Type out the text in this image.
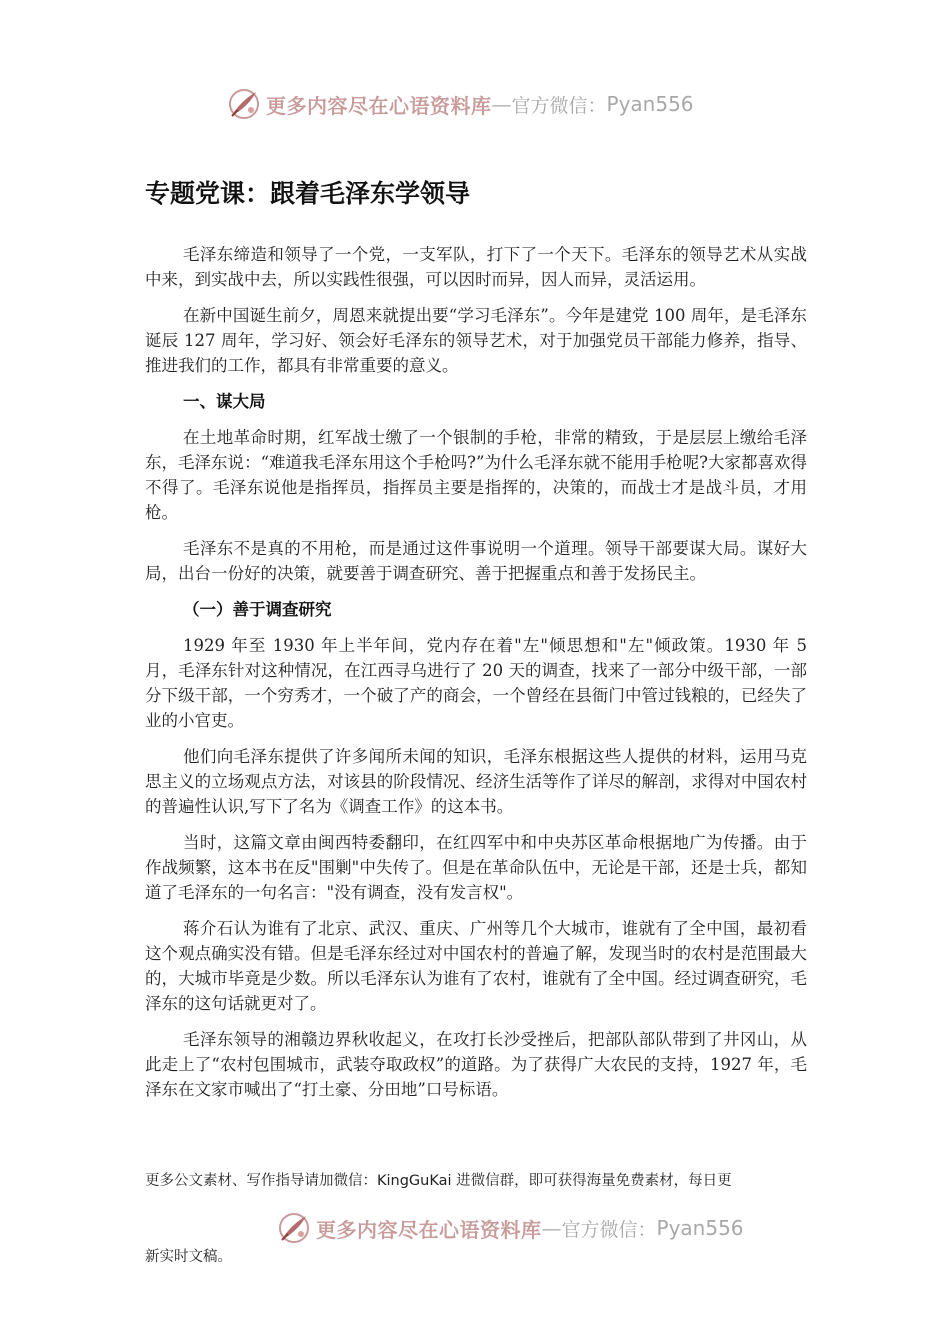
更多内容尽在心语资料库 — 官方微信： Pyan556
专题党课：跟着毛泽东学领导

毛泽东缔造和领导了一个党，一支军队，打下了一个天下。毛泽东的领导艺术从实战中来，到实战中去，所以实践性很强，可以因时而异，因人而异，灵活运用。

在新中国诞生前夕，周恩来就提出要“学习毛泽东”。今年是建党 100 周年，是毛泽东诞辰 127 周年，学习好、领会好毛泽东的领导艺术，对于加强党员干部能力修养，指导、推进我们的工作，都具有非常重要的意义。

一、谋大局

在土地革命时期，红军战士缴了一个银制的手枪，非常的精致，于是层层上缴给毛泽东，毛泽东说：“难道我毛泽东用这个手枪吗?”为什么毛泽东就不能用手枪呢?大家都喜欢得不得了。毛泽东说他是指挥员，指挥员主要是指挥的，决策的，而战士才是战斗员，才用枪。

毛泽东不是真的不用枪，而是通过这件事说明一个道理。领导干部要谋大局。谋好大局，出台一份好的决策，就要善于调查研究、善于把握重点和善于发扬民主。

（一）善于调查研究

1929 年至 1930 年上半年间，党内存在着"左"倾思想和"左"倾政策。1930 年 5 月，毛泽东针对这种情况，在江西寻乌进行了 20 天的调查，找来了一部分中级干部，一部分下级干部，一个穷秀才，一个破了产的商会，一个曾经在县衙门中管过钱粮的，已经失了业的小官吏。

他们向毛泽东提供了许多闻所未闻的知识，毛泽东根据这些人提供的材料，运用马克思主义的立场观点方法，对该县的阶段情况、经济生活等作了详尽的解剖，求得对中国农村的普遍性认识,写下了名为《调查工作》的这本书。

当时，这篇文章由闽西特委翻印，在红四军中和中央苏区革命根据地广为传播。由于作战频繁，这本书在反"围剿"中失传了。但是在革命队伍中，无论是干部，还是士兵，都知道了毛泽东的一句名言："没有调查，没有发言权"。

蒋介石认为谁有了北京、武汉、重庆、广州等几个大城市，谁就有了全中国，最初看这个观点确实没有错。但是毛泽东经过对中国农村的普遍了解，发现当时的农村是范围最大的，大城市毕竟是少数。所以毛泽东认为谁有了农村，谁就有了全中国。经过调查研究，毛泽东的这句话就更对了。

毛泽东领导的湘赣边界秋收起义，在攻打长沙受挫后，把部队部队带到了井冈山，从此走上了“农村包围城市，武装夺取政权”的道路。为了获得广大农民的支持，1927 年，毛泽东在文家市喊出了“打土豪、分田地”口号标语。

更多公文素材、写作指导请加微信：KingGuKai 进微信群，即可获得海量免费素材，每日更
更多内容尽在心语资料库 — 官方微信： Pyan556
新实时文稿。
